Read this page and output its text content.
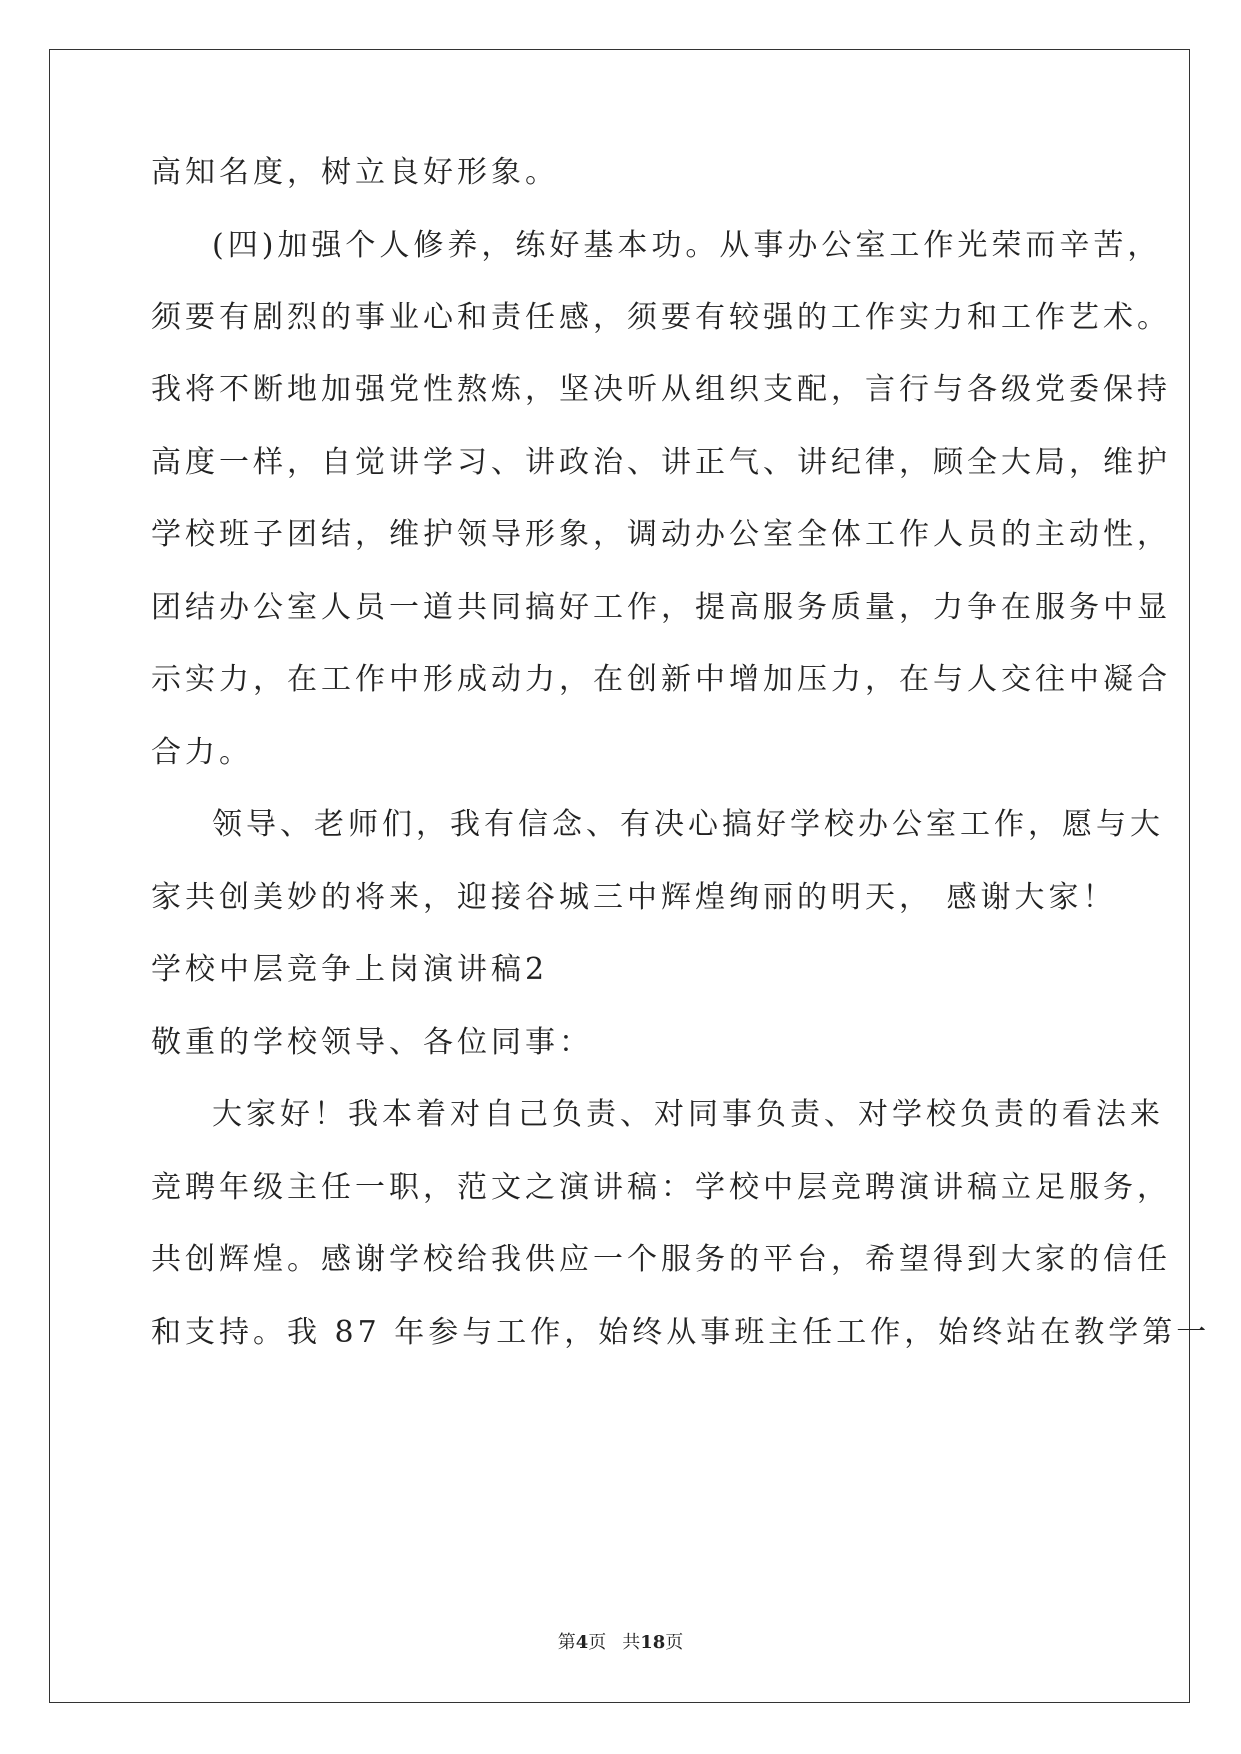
高知名度，树立良好形象。
(四)加强个人修养，练好基本功。从事办公室工作光荣而辛苦，
须要有剧烈的事业心和责任感，须要有较强的工作实力和工作艺术。
我将不断地加强党性熬炼，坚决听从组织支配，言行与各级党委保持
高度一样，自觉讲学习、讲政治、讲正气、讲纪律，顾全大局，维护
学校班子团结，维护领导形象，调动办公室全体工作人员的主动性，
团结办公室人员一道共同搞好工作，提高服务质量，力争在服务中显
示实力，在工作中形成动力，在创新中增加压力，在与人交往中凝合
合力。
领导、老师们，我有信念、有决心搞好学校办公室工作，愿与大
家共创美妙的将来，迎接谷城三中辉煌绚丽的明天， 感谢大家！
学校中层竞争上岗演讲稿2
敬重的学校领导、各位同事：
大家好！我本着对自己负责、对同事负责、对学校负责的看法来
竞聘年级主任一职，范文之演讲稿：学校中层竞聘演讲稿立足服务，
共创辉煌。感谢学校给我供应一个服务的平台，希望得到大家的信任
和支持。我 87 年参与工作，始终从事班主任工作，始终站在教学第一
第4页 共18页
